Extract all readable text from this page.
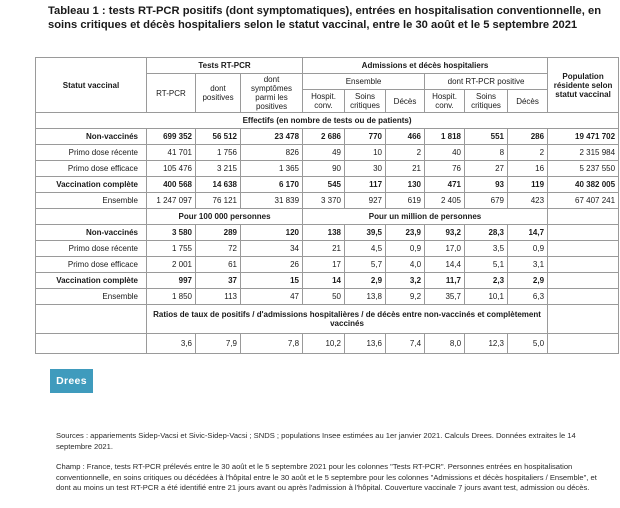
Tableau 1 : tests RT-PCR positifs (dont symptomatiques), entrées en hospitalisation conventionnelle, en soins critiques et décès hospitaliers selon le statut vaccinal, entre le 30 août et le 5 septembre 2021
Statut vaccinal	Tests RT-PCR			Admissions et décès hospitaliers						Population résidente selon statut vaccinal
	RT-PCR	dont positives	dont symptômes parmi les positives	Ensemble			dont RT-PCR positive			
				Hospit. conv.	Soins critiques	Décès	Hospit. conv.	Soins critiques	Décès	
Effectifs (en nombre de tests ou de patients)										
Non-vaccinés	699 352	56 512	23 478	2 686	770	466	1 818	551	286	19 471 702
Primo dose récente	41 701	1 756	826	49	10	2	40	8	2	2 315 984
Primo dose efficace	105 476	3 215	1 365	90	30	21	76	27	16	5 237 550
Vaccination complète	400 568	14 638	6 170	545	117	130	471	93	119	40 382 005
Ensemble	1 247 097	76 121	31 839	3 370	927	619	2 405	679	423	67 407 241
	Pour 100 000 personnes			Pour un million de personnes						
Non-vaccinés	3 580	289	120	138	39,5	23,9	93,2	28,3	14,7	
Primo dose récente	1 755	72	34	21	4,5	0,9	17,0	3,5	0,9	
Primo dose efficace	2 001	61	26	17	5,7	4,0	14,4	5,1	3,1	
Vaccination complète	997	37	15	14	2,9	3,2	11,7	2,3	2,9	
Ensemble	1 850	113	47	50	13,8	9,2	35,7	10,1	6,3	
	Ratios de taux de positifs / d'admissions hospitalières / de décès entre non-vaccinés et complètement vaccinés									
	3,6	7,9	7,8	10,2	13,6	7,4	8,0	12,3	5,0	
Drees
Sources : appariements Sidep-Vacsi et Sivic-Sidep-Vacsi ; SNDS ; populations Insee estimées au 1er janvier 2021. Calculs Drees. Données extraites le 14 septembre 2021.
Champ : France, tests RT-PCR prélevés entre le 30 août et le 5 septembre 2021 pour les colonnes "Tests RT-PCR". Personnes entrées en hospitalisation conventionnelle, en soins critiques ou décédées à l'hôpital entre le 30 août et le 5 septembre pour les colonnes "Admissions et décès hospitaliers / Ensemble", et dont au moins un test RT-PCR a été identifié entre 21 jours avant ou après l'admission à l'hôpital. Couverture vaccinale 7 jours avant test, admission ou décès.
